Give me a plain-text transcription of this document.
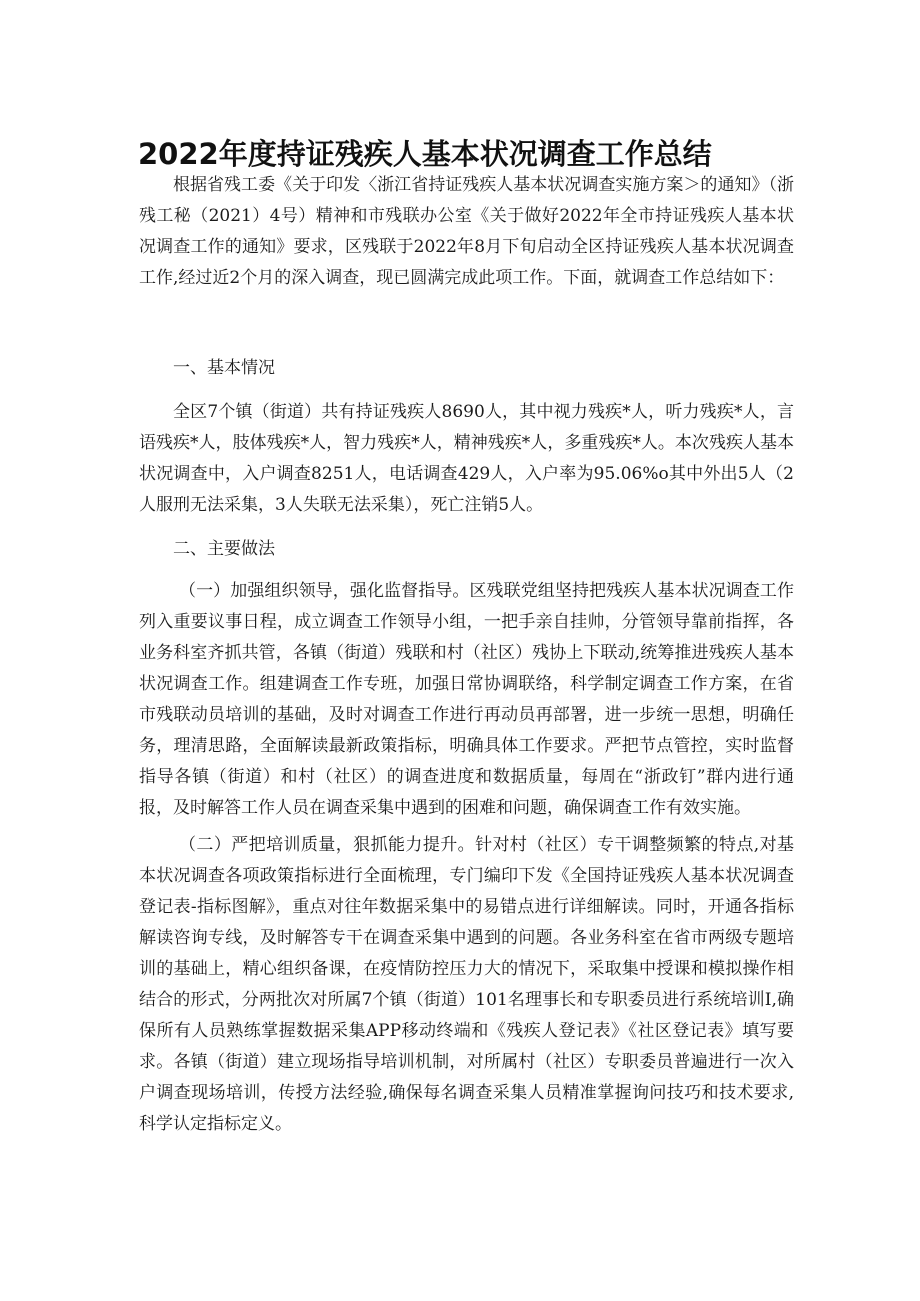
2022年度持证残疾人基本状况调查工作总结

根据省残工委《关于印发〈浙江省持证残疾人基本状况调查实施方案＞的通知》（浙残工秘（2021）4号）精神和市残联办公室《关于做好2022年全市持证残疾人基本状况调查工作的通知》要求，区残联于2022年8月下旬启动全区持证残疾人基本状况调查工作,经过近2个月的深入调查，现已圆满完成此项工作。下面，就调查工作总结如下：

一、基本情况

全区7个镇（街道）共有持证残疾人8690人，其中视力残疾*人，听力残疾*人，言语残疾*人，肢体残疾*人，智力残疾*人，精神残疾*人，多重残疾*人。本次残疾人基本状况调查中，入户调查8251人，电话调查429人，入户率为95.06%o其中外出5人（2人服刑无法采集，3人失联无法采集），死亡注销5人。

二、主要做法

（一）加强组织领导，强化监督指导。区残联党组坚持把残疾人基本状况调查工作列入重要议事日程，成立调查工作领导小组，一把手亲自挂帅，分管领导靠前指挥，各业务科室齐抓共管，各镇（街道）残联和村（社区）残协上下联动,统筹推进残疾人基本状况调查工作。组建调查工作专班，加强日常协调联络，科学制定调查工作方案，在省市残联动员培训的基础，及时对调查工作进行再动员再部署，进一步统一思想，明确任务，理清思路，全面解读最新政策指标，明确具体工作要求。严把节点管控，实时监督指导各镇（街道）和村（社区）的调查进度和数据质量，每周在“浙政钉”群内进行通报，及时解答工作人员在调查采集中遇到的困难和问题，确保调查工作有效实施。

（二）严把培训质量，狠抓能力提升。针对村（社区）专干调整频繁的特点,对基本状况调查各项政策指标进行全面梳理，专门编印下发《全国持证残疾人基本状况调查登记表-指标图解》，重点对往年数据采集中的易错点进行详细解读。同时，开通各指标解读咨询专线，及时解答专干在调查采集中遇到的问题。各业务科室在省市两级专题培训的基础上，精心组织备课，在疫情防控压力大的情况下，采取集中授课和模拟操作相结合的形式，分两批次对所属7个镇（街道）101名理事长和专职委员进行系统培训I,确保所有人员熟练掌握数据采集APP移动终端和《残疾人登记表》《社区登记表》填写要求。各镇（街道）建立现场指导培训机制，对所属村（社区）专职委员普遍进行一次入户调查现场培训，传授方法经验,确保每名调查采集人员精准掌握询问技巧和技术要求,科学认定指标定义。
